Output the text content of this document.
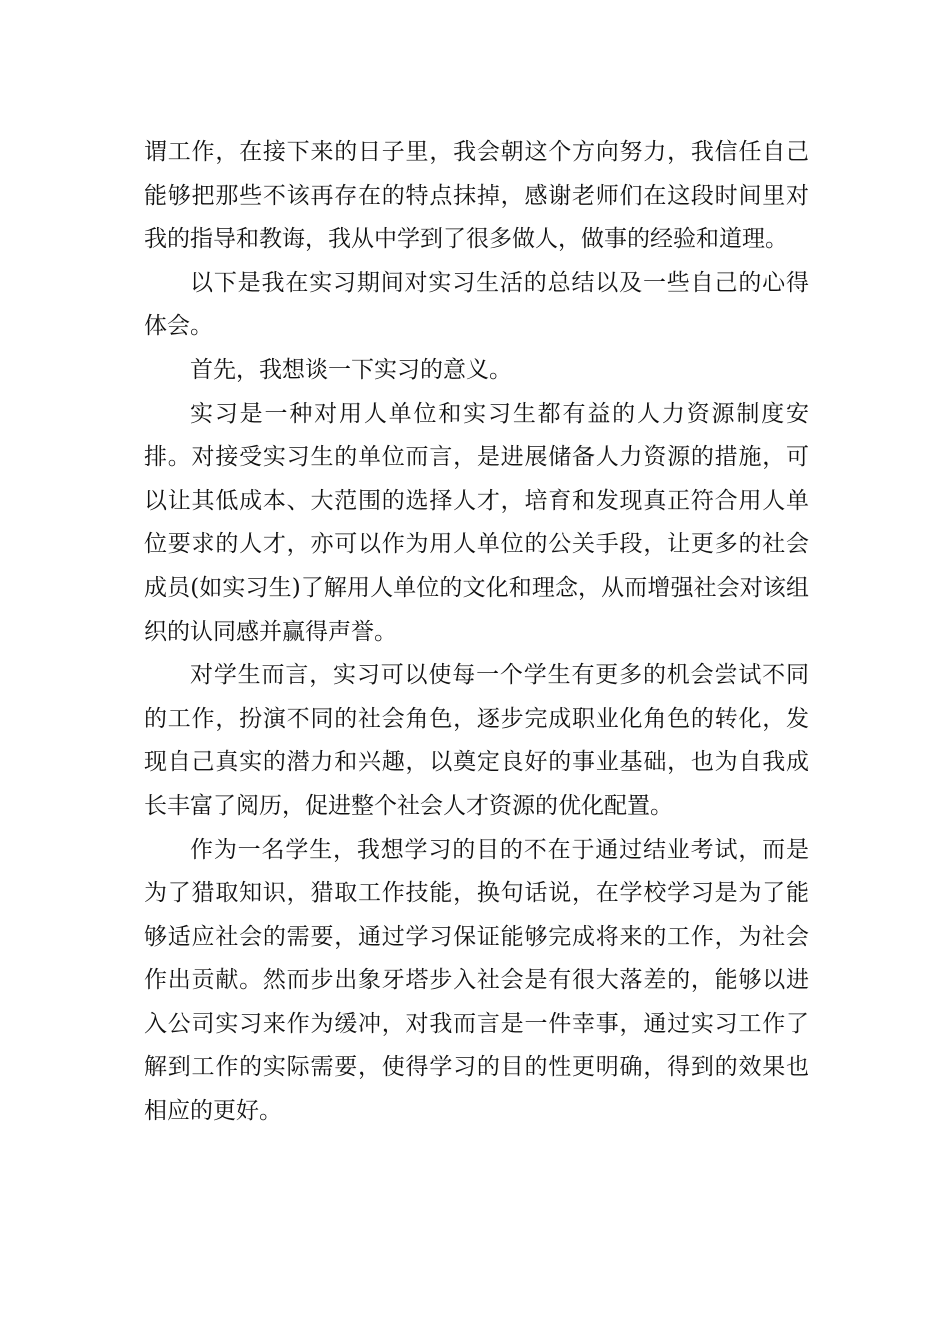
谓工作，在接下来的日子里，我会朝这个方向努力，我信任自己能够把那些不该再存在的特点抹掉，感谢老师们在这段时间里对我的指导和教诲，我从中学到了很多做人，做事的经验和道理。

以下是我在实习期间对实习生活的总结以及一些自己的心得体会。

首先，我想谈一下实习的意义。

实习是一种对用人单位和实习生都有益的人力资源制度安排。对接受实习生的单位而言，是进展储备人力资源的措施，可以让其低成本、大范围的选择人才，培育和发现真正符合用人单位要求的人才，亦可以作为用人单位的公关手段，让更多的社会成员(如实习生)了解用人单位的文化和理念，从而增强社会对该组织的认同感并赢得声誉。

对学生而言，实习可以使每一个学生有更多的机会尝试不同的工作，扮演不同的社会角色，逐步完成职业化角色的转化，发现自己真实的潜力和兴趣，以奠定良好的事业基础，也为自我成长丰富了阅历，促进整个社会人才资源的优化配置。

作为一名学生，我想学习的目的不在于通过结业考试，而是为了猎取知识，猎取工作技能，换句话说，在学校学习是为了能够适应社会的需要，通过学习保证能够完成将来的工作，为社会作出贡献。然而步出象牙塔步入社会是有很大落差的，能够以进入公司实习来作为缓冲，对我而言是一件幸事，通过实习工作了解到工作的实际需要，使得学习的目的性更明确，得到的效果也相应的更好。
